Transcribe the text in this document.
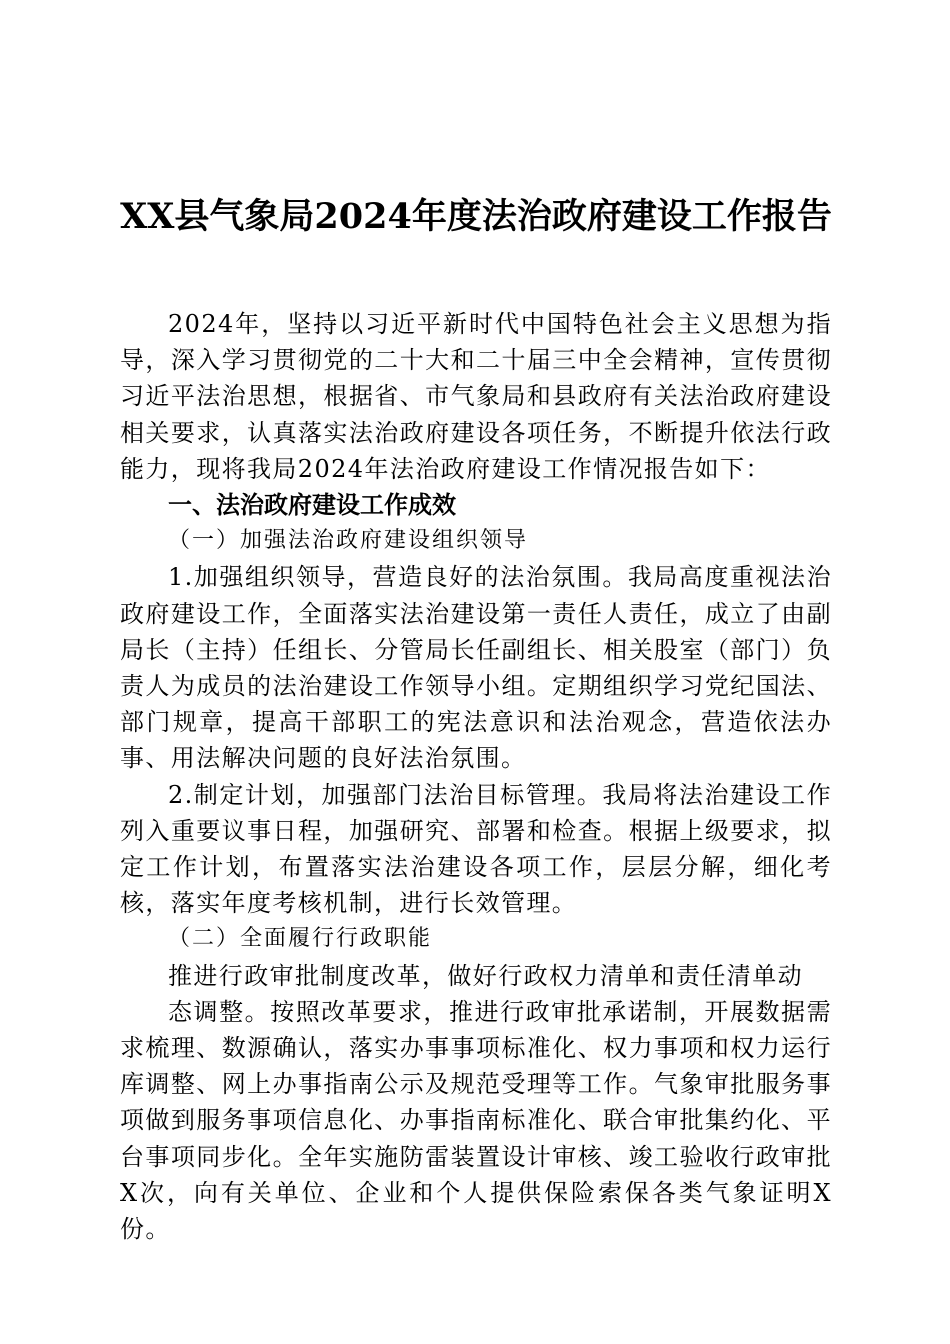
XX县气象局2024年度法治政府建设工作报告

2024年，坚持以习近平新时代中国特色社会主义思想为指导，深入学习贯彻党的二十大和二十届三中全会精神，宣传贯彻习近平法治思想，根据省、市气象局和县政府有关法治政府建设相关要求，认真落实法治政府建设各项任务，不断提升依法行政能力，现将我局2024年法治政府建设工作情况报告如下：

一、法治政府建设工作成效

（一）加强法治政府建设组织领导

1.加强组织领导，营造良好的法治氛围。我局高度重视法治政府建设工作，全面落实法治建设第一责任人责任，成立了由副局长（主持）任组长、分管局长任副组长、相关股室（部门）负责人为成员的法治建设工作领导小组。定期组织学习党纪国法、部门规章，提高干部职工的宪法意识和法治观念，营造依法办事、用法解决问题的良好法治氛围。

2.制定计划，加强部门法治目标管理。我局将法治建设工作列入重要议事日程，加强研究、部署和检查。根据上级要求，拟定工作计划，布置落实法治建设各项工作，层层分解，细化考核，落实年度考核机制，进行长效管理。

（二）全面履行行政职能

推进行政审批制度改革，做好行政权力清单和责任清单动

态调整。按照改革要求，推进行政审批承诺制，开展数据需求梳理、数源确认，落实办事事项标准化、权力事项和权力运行库调整、网上办事指南公示及规范受理等工作。气象审批服务事项做到服务事项信息化、办事指南标准化、联合审批集约化、平台事项同步化。全年实施防雷装置设计审核、竣工验收行政审批X次，向有关单位、企业和个人提供保险索保各类气象证明X份。
